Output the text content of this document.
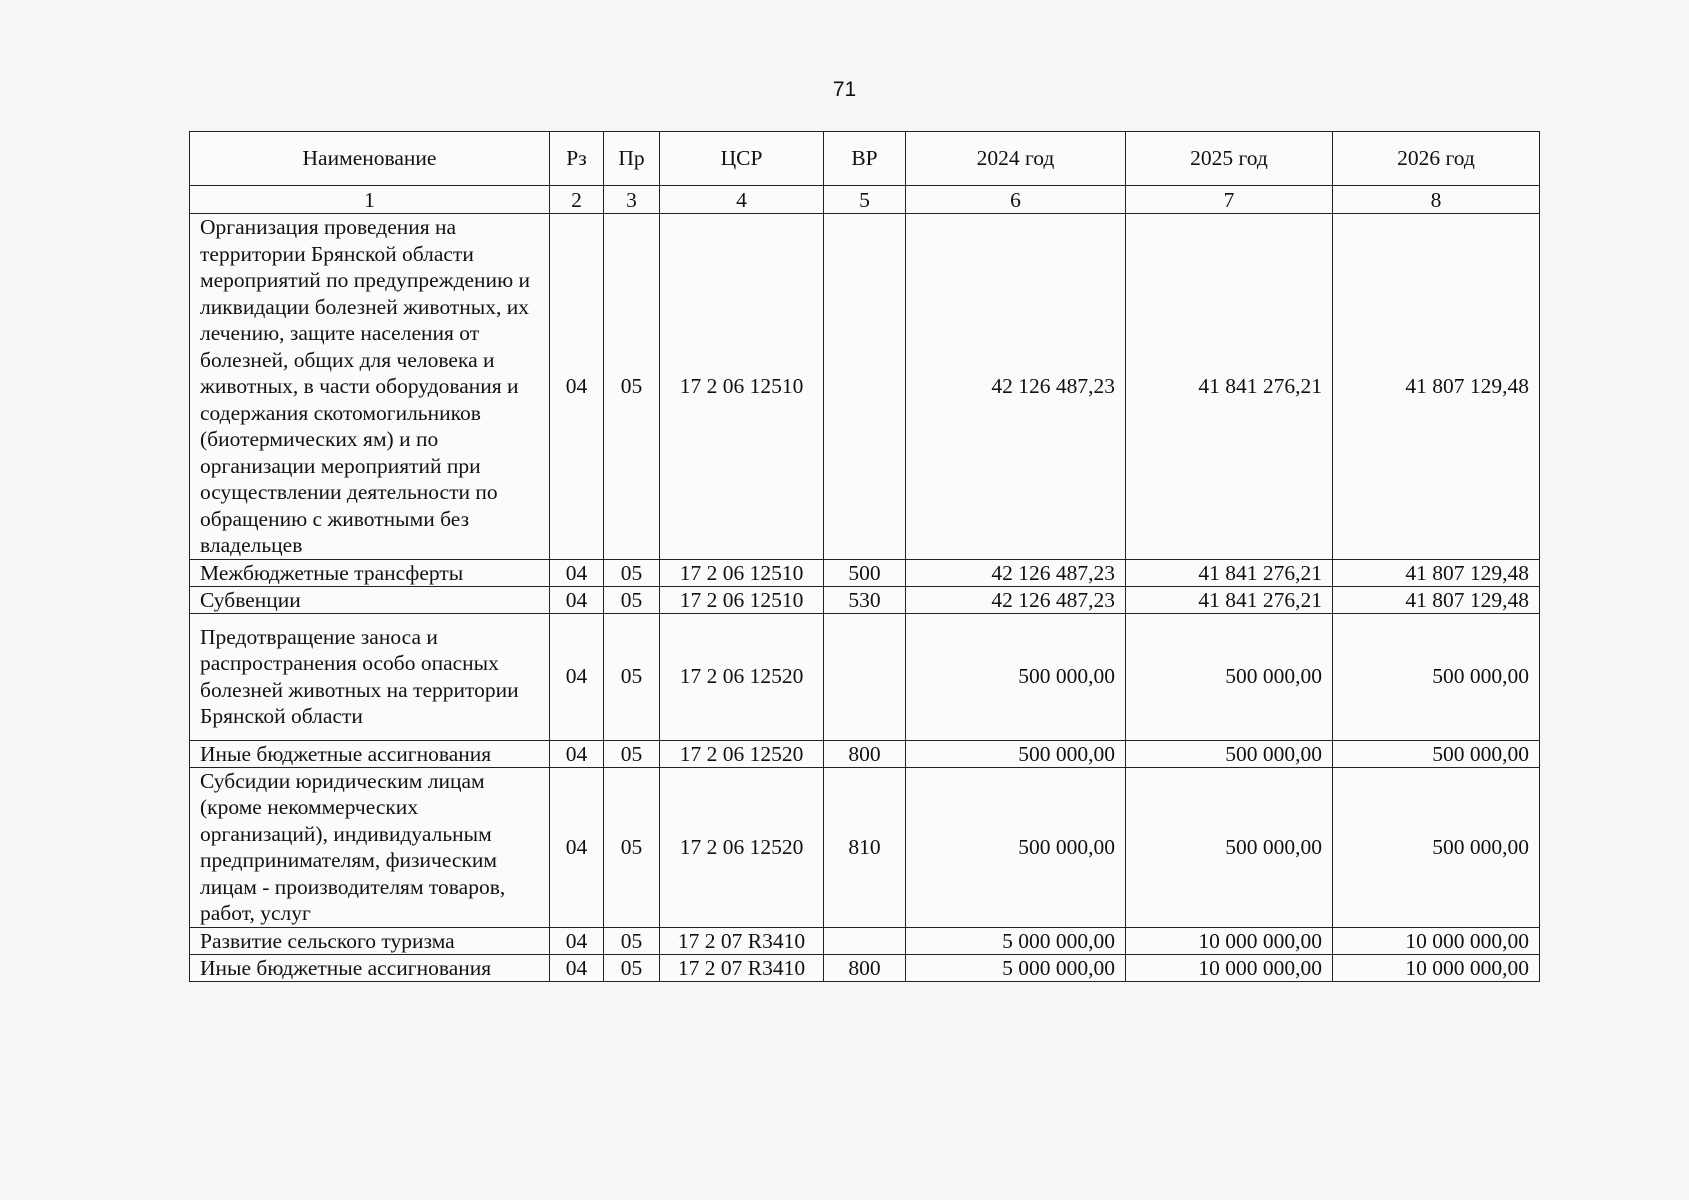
71
Наименование	Рз	Пр	ЦСР	ВР	2024 год	2025 год	2026 год
1	2	3	4	5	6	7	8
Организация проведения на территории Брянской области мероприятий по предупреждению и ликвидации болезней животных, их лечению, защите населения от болезней, общих для человека и животных, в части оборудования и содержания скотомогильников (биотермических ям) и по организации мероприятий при осуществлении деятельности по обращению с животными без владельцев	04	05	17 2 06 12510		42 126 487,23	41 841 276,21	41 807 129,48
Межбюджетные трансферты	04	05	17 2 06 12510	500	42 126 487,23	41 841 276,21	41 807 129,48
Субвенции	04	05	17 2 06 12510	530	42 126 487,23	41 841 276,21	41 807 129,48
Предотвращение заноса и распространения особо опасных болезней животных на территории Брянской области	04	05	17 2 06 12520		500 000,00	500 000,00	500 000,00
Иные бюджетные ассигнования	04	05	17 2 06 12520	800	500 000,00	500 000,00	500 000,00
Субсидии юридическим лицам (кроме некоммерческих организаций), индивидуальным предпринимателям, физическим лицам - производителям товаров, работ, услуг	04	05	17 2 06 12520	810	500 000,00	500 000,00	500 000,00
Развитие сельского туризма	04	05	17 2 07 R3410		5 000 000,00	10 000 000,00	10 000 000,00
Иные бюджетные ассигнования	04	05	17 2 07 R3410	800	5 000 000,00	10 000 000,00	10 000 000,00
